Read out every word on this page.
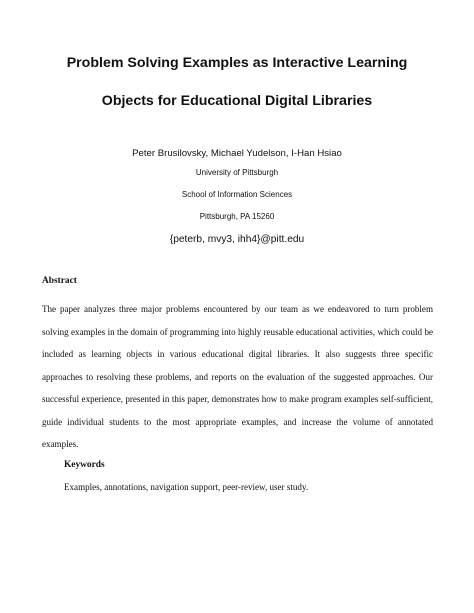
Problem Solving Examples as Interactive Learning
Objects for Educational Digital Libraries

Peter Brusilovsky, Michael Yudelson, I-Han Hsiao

University of Pittsburgh

School of Information Sciences

Pittsburgh, PA 15260

{peterb, mvy3, ihh4}@pitt.edu

Abstract

The paper analyzes three major problems encountered by our team as we endeavored to turn problem solving examples in the domain of programming into highly reusable educational activities, which could be included as learning objects in various educational digital libraries. It also suggests three specific approaches to resolving these problems, and reports on the evaluation of the suggested approaches. Our successful experience, presented in this paper, demonstrates how to make program examples self-sufficient, guide individual students to the most appropriate examples, and increase the volume of annotated examples.

Keywords

Examples, annotations, navigation support, peer-review, user study.
